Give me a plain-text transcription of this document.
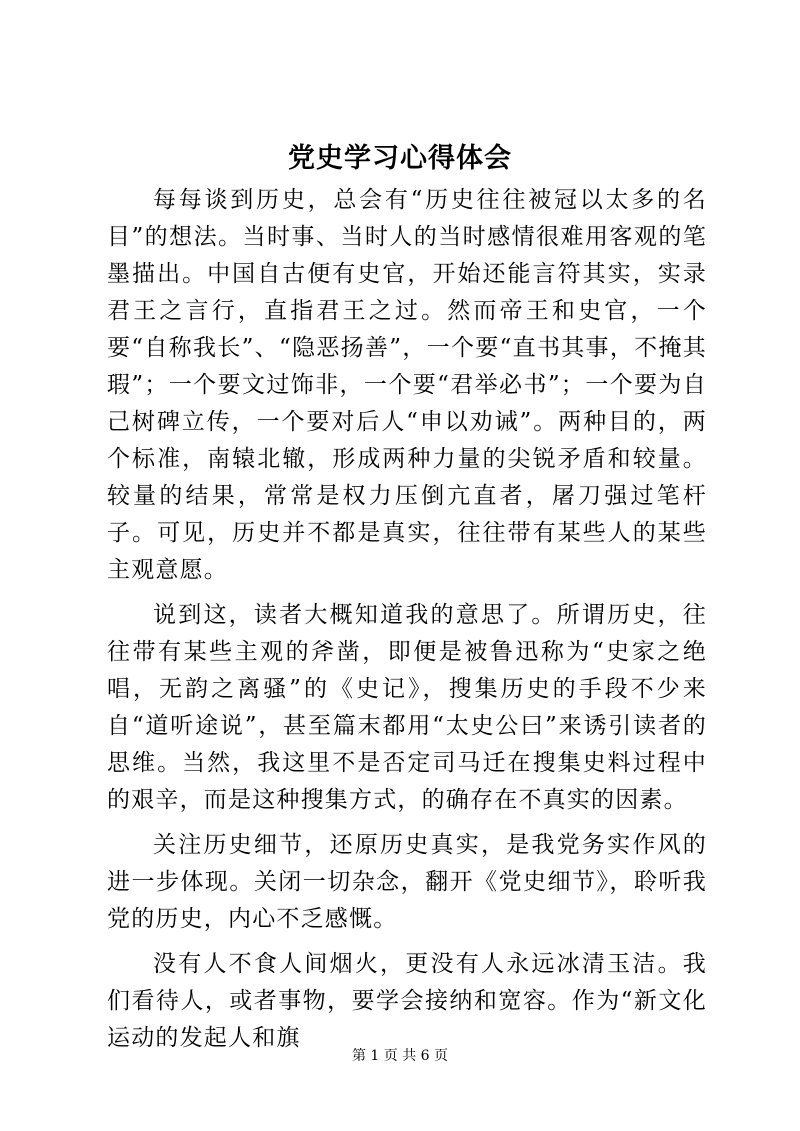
党史学习心得体会

每每谈到历史，总会有“历史往往被冠以太多的名目”的想法。当时事、当时人的当时感情很难用客观的笔墨描出。中国自古便有史官，开始还能言符其实，实录君王之言行，直指君王之过。然而帝王和史官，一个要“自称我长”、“隐恶扬善”，一个要“直书其事，不掩其瑕”；一个要文过饰非，一个要“君举必书”；一个要为自己树碑立传，一个要对后人“申以劝诫”。两种目的，两个标准，南辕北辙，形成两种力量的尖锐矛盾和较量。较量的结果，常常是权力压倒亢直者，屠刀强过笔杆子。可见，历史并不都是真实，往往带有某些人的某些主观意愿。

说到这，读者大概知道我的意思了。所谓历史，往往带有某些主观的斧凿，即便是被鲁迅称为“史家之绝唱，无韵之离骚”的《史记》，搜集历史的手段不少来自“道听途说”，甚至篇末都用“太史公曰”来诱引读者的思维。当然，我这里不是否定司马迁在搜集史料过程中的艰辛，而是这种搜集方式，的确存在不真实的因素。

关注历史细节，还原历史真实，是我党务实作风的进一步体现。关闭一切杂念，翻开《党史细节》，聆听我党的历史，内心不乏感慨。

没有人不食人间烟火，更没有人永远冰清玉洁。我们看待人，或者事物，要学会接纳和宽容。作为“新文化运动的发起人和旗

第 1 页 共 6 页
